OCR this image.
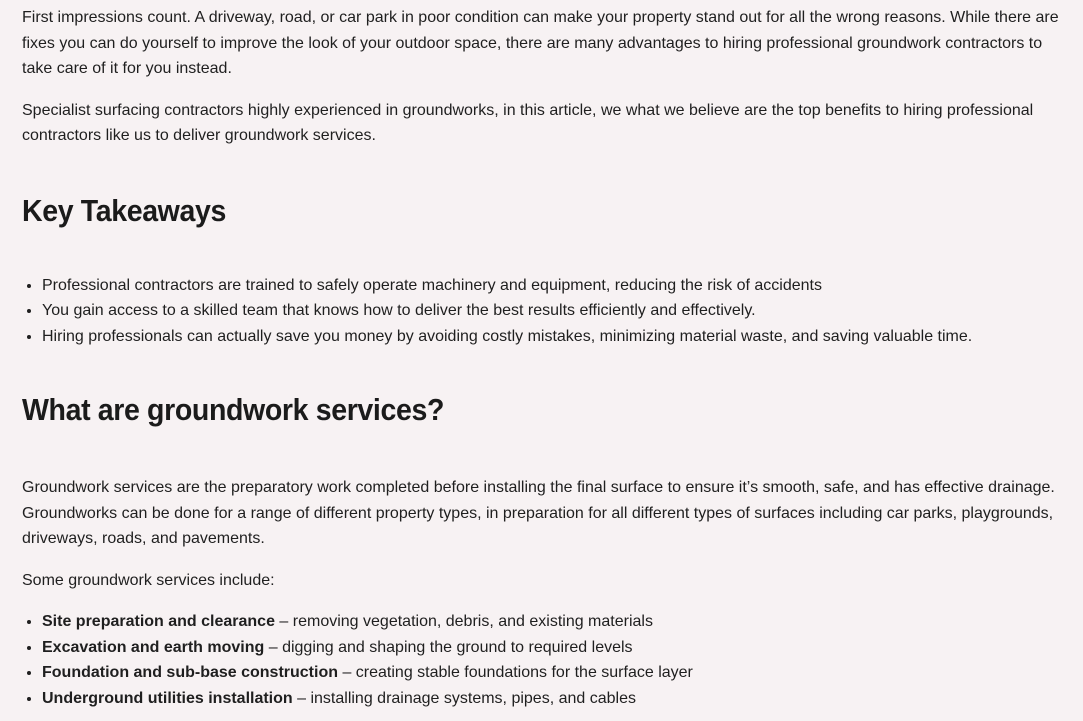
First impressions count. A driveway, road, or car park in poor condition can make your property stand out for all the wrong reasons. While there are fixes you can do yourself to improve the look of your outdoor space, there are many advantages to hiring professional groundwork contractors to take care of it for you instead.

Specialist surfacing contractors highly experienced in groundworks, in this article, we what we believe are the top benefits to hiring professional contractors like us to deliver groundwork services.

Key Takeaways
• Professional contractors are trained to safely operate machinery and equipment, reducing the risk of accidents
• You gain access to a skilled team that knows how to deliver the best results efficiently and effectively.
• Hiring professionals can actually save you money by avoiding costly mistakes, minimizing material waste, and saving valuable time.
What are groundwork services?

Groundwork services are the preparatory work completed before installing the final surface to ensure it’s smooth, safe, and has effective drainage. Groundworks can be done for a range of different property types, in preparation for all different types of surfaces including car parks, playgrounds, driveways, roads, and pavements.

Some groundwork services include:

• Site preparation and clearance – removing vegetation, debris, and existing materials
• Excavation and earth moving – digging and shaping the ground to required levels
• Foundation and sub-base construction – creating stable foundations for the surface layer
• Underground utilities installation – installing drainage systems, pipes, and cables
